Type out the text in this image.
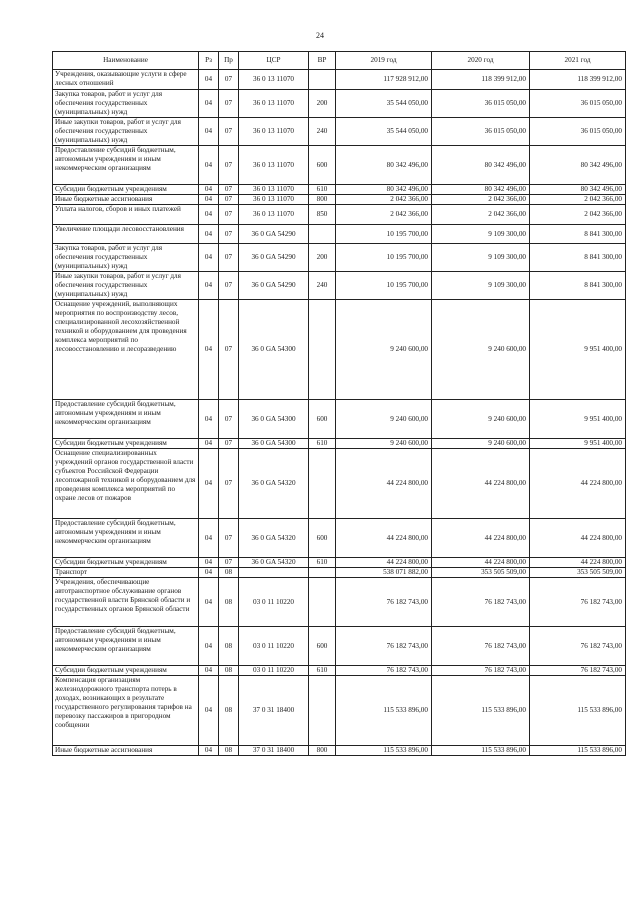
24
Наименование	Рз	Пр	ЦСР	ВР	2019 год	2020 год	2021 год
Учреждения, оказывающие услуги в сфере лесных отношений	04	07	36 0 13 11070		117 928 912,00	118 399 912,00	118 399 912,00
Закупка товаров, работ и услуг для обеспечения государственных (муниципальных) нужд	04	07	36 0 13 11070	200	35 544 050,00	36 015 050,00	36 015 050,00
Иные закупки товаров, работ и услуг для обеспечения государственных (муниципальных) нужд	04	07	36 0 13 11070	240	35 544 050,00	36 015 050,00	36 015 050,00
Предоставление субсидий бюджетным, автономным учреждениям и иным некоммерческим организациям	04	07	36 0 13 11070	600	80 342 496,00	80 342 496,00	80 342 496,00
Субсидии бюджетным учреждениям	04	07	36 0 13 11070	610	80 342 496,00	80 342 496,00	80 342 496,00
Иные бюджетные ассигнования	04	07	36 0 13 11070	800	2 042 366,00	2 042 366,00	2 042 366,00
Уплата налогов, сборов и иных платежей	04	07	36 0 13 11070	850	2 042 366,00	2 042 366,00	2 042 366,00
Увеличение площади лесовосстановления	04	07	36 0 GA 54290		10 195 700,00	9 109 300,00	8 841 300,00
Закупка товаров, работ и услуг для обеспечения государственных (муниципальных) нужд	04	07	36 0 GA 54290	200	10 195 700,00	9 109 300,00	8 841 300,00
Иные закупки товаров, работ и услуг для обеспечения государственных (муниципальных) нужд	04	07	36 0 GA 54290	240	10 195 700,00	9 109 300,00	8 841 300,00
Оснащение учреждений, выполняющих мероприятия по воспроизводству лесов, специализированной лесохозяйственной техникой и оборудованием для проведения комплекса мероприятий по лесовосстановлению и лесоразведению	04	07	36 0 GA 54300		9 240 600,00	9 240 600,00	9 951 400,00
Предоставление субсидий бюджетным, автономным учреждениям и иным некоммерческим организациям	04	07	36 0 GA 54300	600	9 240 600,00	9 240 600,00	9 951 400,00
Субсидии бюджетным учреждениям	04	07	36 0 GA 54300	610	9 240 600,00	9 240 600,00	9 951 400,00
Оснащение специализированных учреждений органов государственной власти субъектов Российской Федерации лесопожарной техникой и оборудованием для проведения комплекса мероприятий по охране лесов от пожаров	04	07	36 0 GA 54320		44 224 800,00	44 224 800,00	44 224 800,00
Предоставление субсидий бюджетным, автономным учреждениям и иным некоммерческим организациям	04	07	36 0 GA 54320	600	44 224 800,00	44 224 800,00	44 224 800,00
Субсидии бюджетным учреждениям	04	07	36 0 GA 54320	610	44 224 800,00	44 224 800,00	44 224 800,00
Транспорт	04	08			538 071 882,00	353 505 509,00	353 505 509,00
Учреждения, обеспечивающие автотранспортное обслуживание органов государственной власти Брянской области и государственных органов Брянской области	04	08	03 0 11 10220		76 182 743,00	76 182 743,00	76 182 743,00
Предоставление субсидий бюджетным, автономным учреждениям и иным некоммерческим организациям	04	08	03 0 11 10220	600	76 182 743,00	76 182 743,00	76 182 743,00
Субсидии бюджетным учреждениям	04	08	03 0 11 10220	610	76 182 743,00	76 182 743,00	76 182 743,00
Компенсация организациям железнодорожного транспорта потерь в доходах, возникающих в результате государственного регулирования тарифов на перевозку пассажиров в пригородном сообщении	04	08	37 0 31 18400		115 533 896,00	115 533 896,00	115 533 896,00
Иные бюджетные ассигнования	04	08	37 0 31 18400	800	115 533 896,00	115 533 896,00	115 533 896,00
